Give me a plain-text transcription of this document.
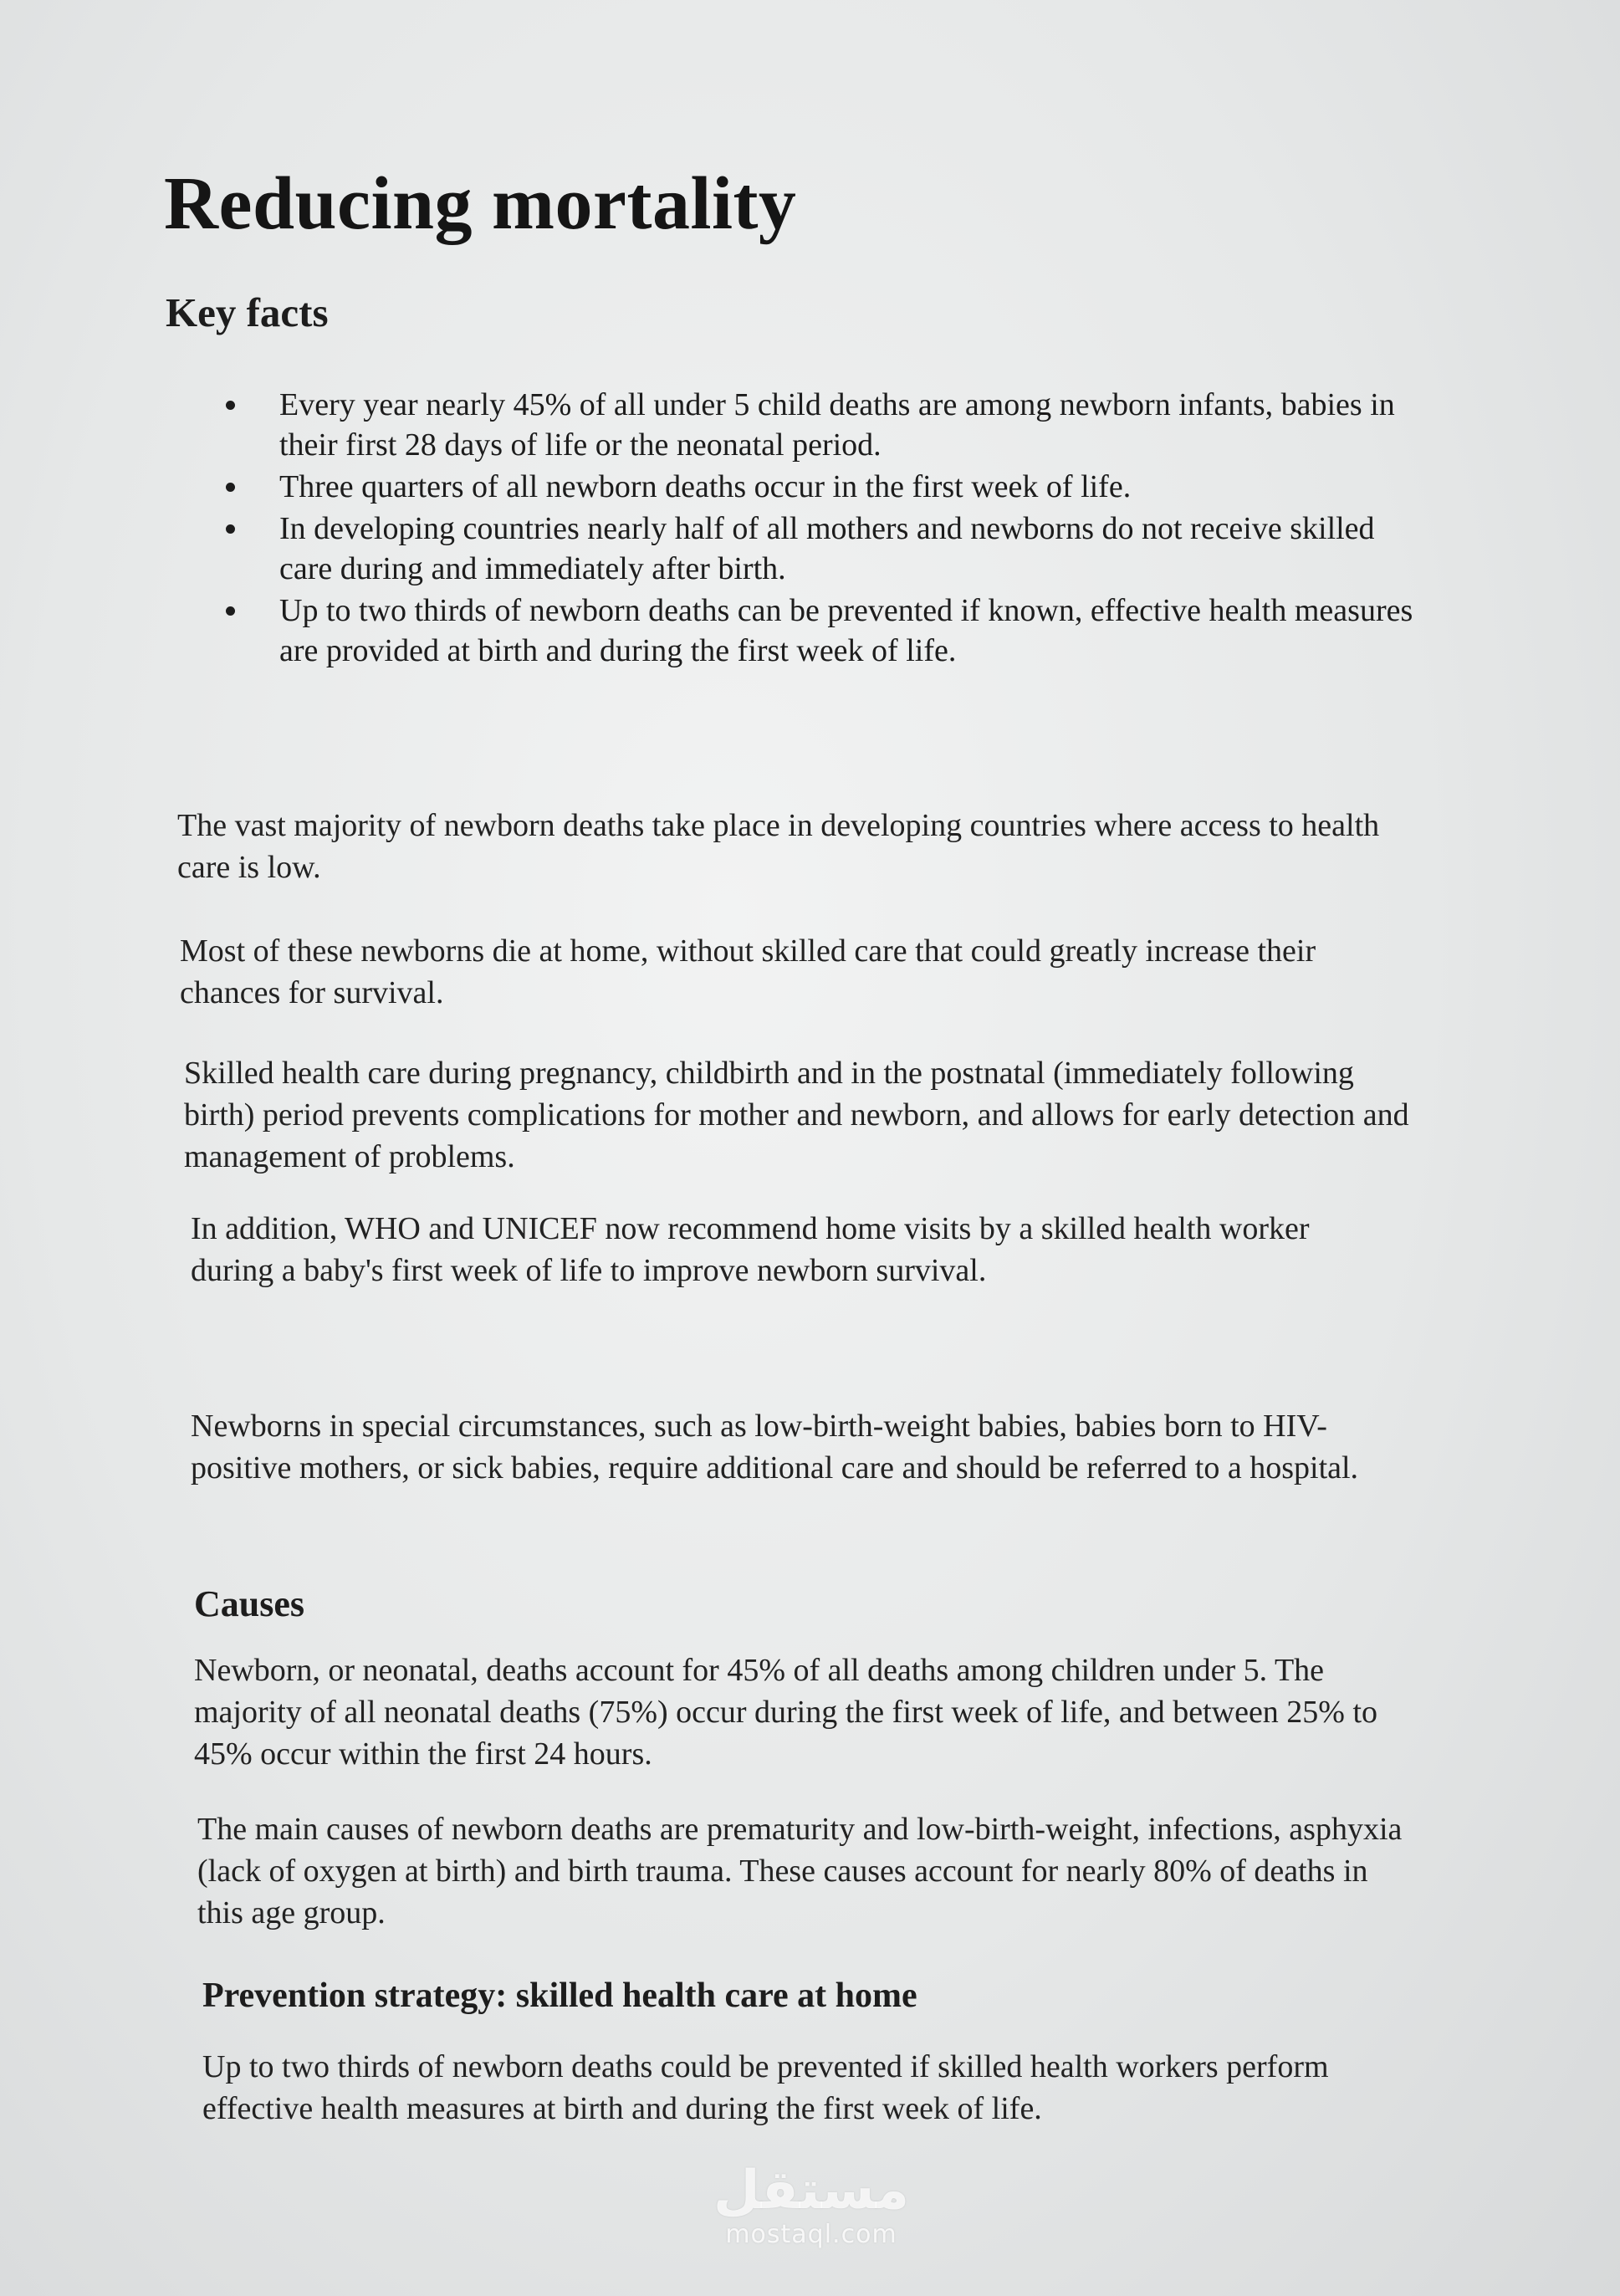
Reducing mortality
Key facts
Every year nearly 45% of all under 5 child deaths are among newborn infants, babies in their first 28 days of life or the neonatal period.
Three quarters of all newborn deaths occur in the first week of life.
In developing countries nearly half of all mothers and newborns do not receive skilled care during and immediately after birth.
Up to two thirds of newborn deaths can be prevented if known, effective health measures are provided at birth and during the first week of life.

The vast majority of newborn deaths take place in developing countries where access to health care is low.

Most of these newborns die at home, without skilled care that could greatly increase their chances for survival.

Skilled health care during pregnancy, childbirth and in the postnatal (immediately following birth) period prevents complications for mother and newborn, and allows for early detection and management of problems.

In addition, WHO and UNICEF now recommend home visits by a skilled health worker during a baby's first week of life to improve newborn survival.

Newborns in special circumstances, such as low-birth-weight babies, babies born to HIV-positive mothers, or sick babies, require additional care and should be referred to a hospital.

Causes

Newborn, or neonatal, deaths account for 45% of all deaths among children under 5. The majority of all neonatal deaths (75%) occur during the first week of life, and between 25% to 45% occur within the first 24 hours.

The main causes of newborn deaths are prematurity and low-birth-weight, infections, asphyxia (lack of oxygen at birth) and birth trauma. These causes account for nearly 80% of deaths in this age group.

Prevention strategy: skilled health care at home

Up to two thirds of newborn deaths could be prevented if skilled health workers perform effective health measures at birth and during the first week of life.

مستقل
mostaql.com
